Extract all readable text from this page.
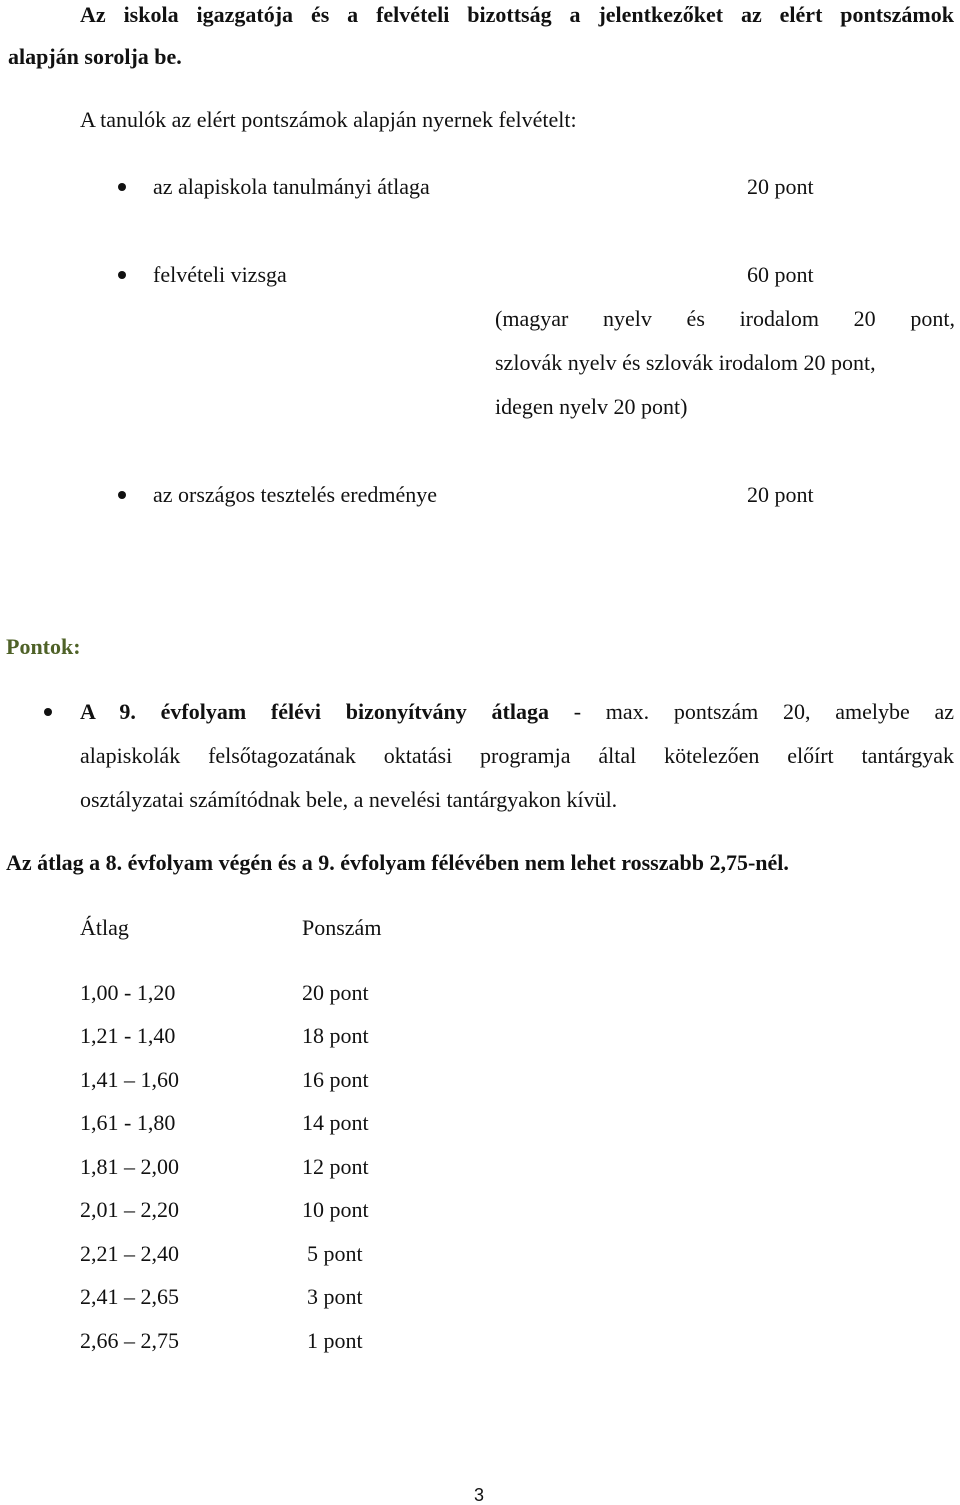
Az iskola igazgatója és a felvételi bizottság a jelentkezőket az elért pontszámok
alapján sorolja be.
A tanulók az elért pontszámok alapján nyernek felvételt:
az alapiskola tanulmányi átlaga	20 pont
felvételi vizsga	60 pont
(magyar nyelv és irodalom 20 pont,
szlovák nyelv és szlovák irodalom 20 pont,
idegen nyelv 20 pont)
az országos tesztelés eredménye	20 pont
Pontok:
A 9. évfolyam félévi bizonyítvány átlaga - max. pontszám 20, amelybe az
alapiskolák felsőtagozatának oktatási programja által kötelezően előírt tantárgyak
osztályzatai számítódnak bele, a nevelési tantárgyakon kívül.
Az átlag a 8. évfolyam végén és a 9. évfolyam félévében nem lehet rosszabb 2,75-nél.
Átlag	Ponszám
1,00 - 1,20	20 pont
1,21 - 1,40	18 pont
1,41 – 1,60	16 pont
1,61 - 1,80	14 pont
1,81 – 2,00	12 pont
2,01 – 2,20	10 pont
2,21 – 2,40	5 pont
2,41 – 2,65	3 pont
2,66 – 2,75	1 pont
3
